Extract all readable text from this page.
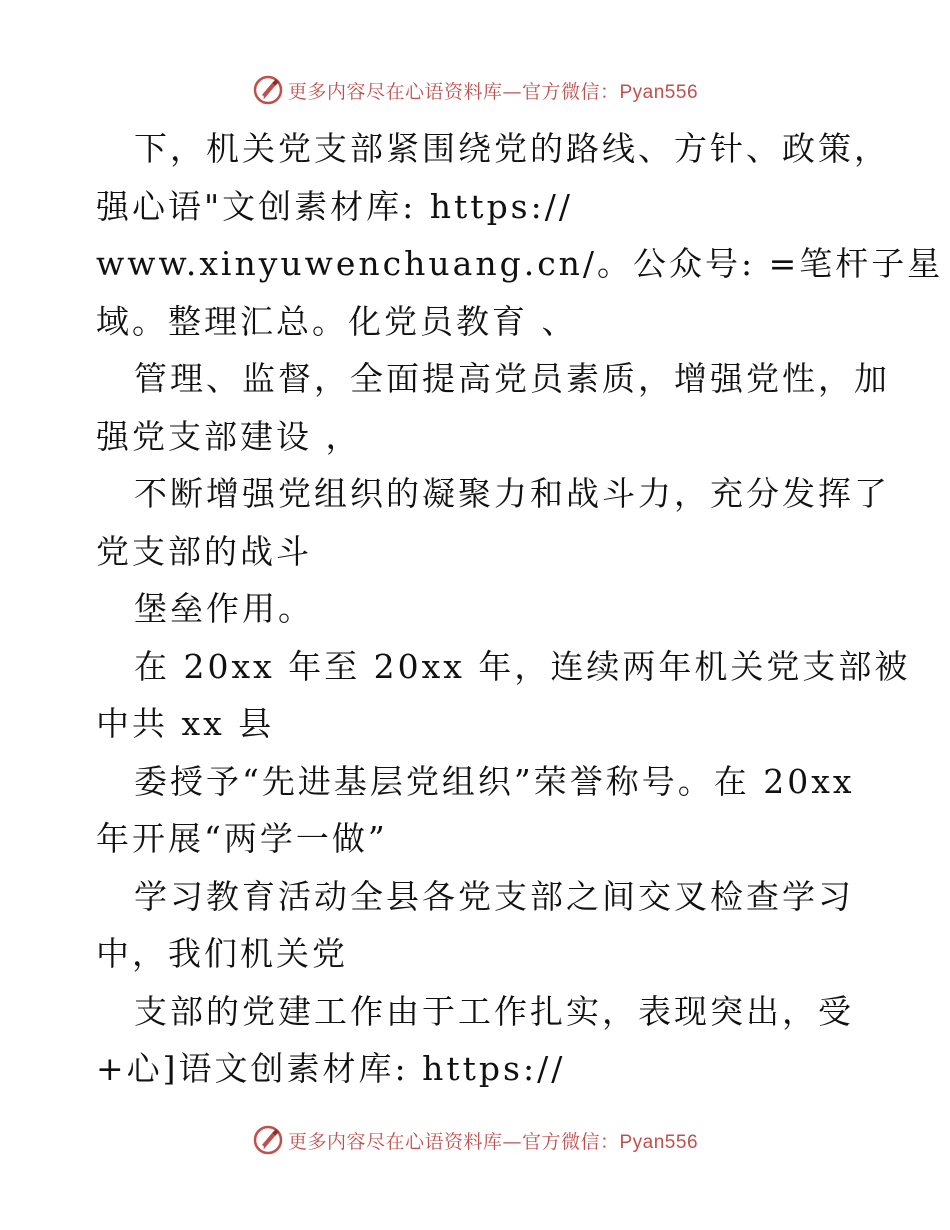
更多内容尽在心语资料库—官方微信：Pyan556
下，机关党支部紧围绕党的路线、方针、政策，
强心语"文创素材库: https://
www.xinyuwenchuang.cn/。公众号: =笔杆子星
域。整理汇总。化党员教育 、
管理、监督，全面提高党员素质，增强党性，加
强党支部建设 ，
不断增强党组织的凝聚力和战斗力，充分发挥了
党支部的战斗
堡垒作用。
在 20xx 年至 20xx 年，连续两年机关党支部被
中共 xx 县
委授予“先进基层党组织”荣誉称号。在 20xx
年开展“两学一做”
学习教育活动全县各党支部之间交叉检查学习
中，我们机关党
支部的党建工作由于工作扎实，表现突出，受
+心]语文创素材库: https://
更多内容尽在心语资料库—官方微信：Pyan556
